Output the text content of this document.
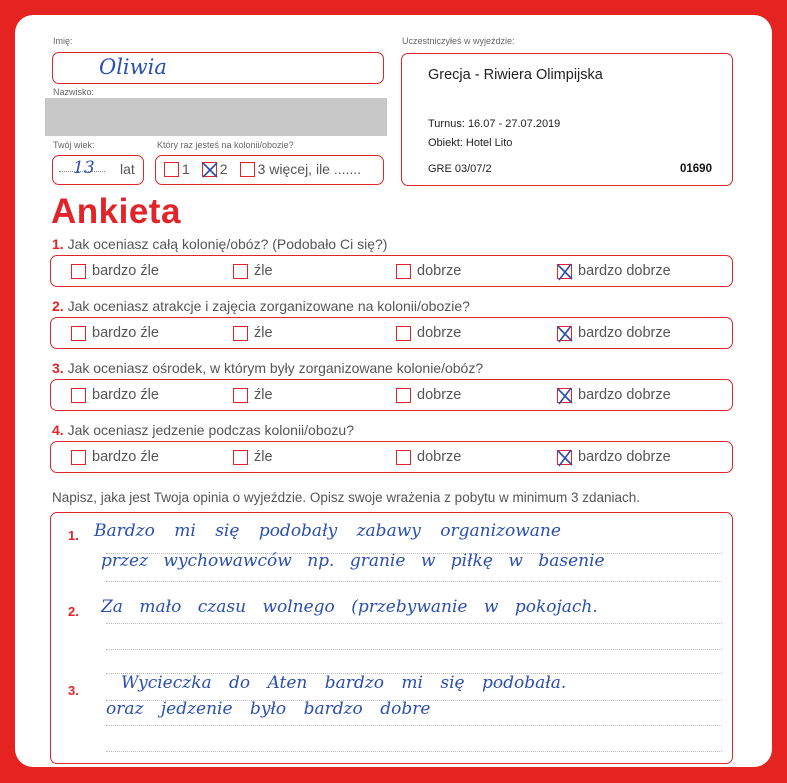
Imię:
Oliwia
Nazwisko:
Twój wiek:
13 lat
Który raz jesteś na kolonii/obozie?
1 2 3 więcej, ile .......
Uczestniczyłeś w wyjeździe:
Grecja - Riwiera Olimpijska
Turnus: 16.07 - 27.07.2019
Obiekt: Hotel Lito
GRE 03/07/2	01690
Ankieta
1. Jak oceniasz całą kolonię/obóz? (Podobało Ci się?)
bardzo źle	źle	dobrze	bardzo dobrze
2. Jak oceniasz atrakcje i zajęcia zorganizowane na kolonii/obozie?
bardzo źle	źle	dobrze	bardzo dobrze
3. Jak oceniasz ośrodek, w którym były zorganizowane kolonie/obóz?
bardzo źle	źle	dobrze	bardzo dobrze
4. Jak oceniasz jedzenie podczas kolonii/obozu?
bardzo źle	źle	dobrze	bardzo dobrze
Napisz, jaka jest Twoja opinia o wyjeździe. Opisz swoje wrażenia z pobytu w minimum 3 zdaniach.
1. Bardzo mi się podobały zabawy organizowane
przez wychowawców np. granie w piłkę w basenie
2. Za mało czasu wolnego (przebywanie w pokojach.
3. Wycieczka do Aten bardzo mi się podobała.
oraz jedzenie było bardzo dobre
